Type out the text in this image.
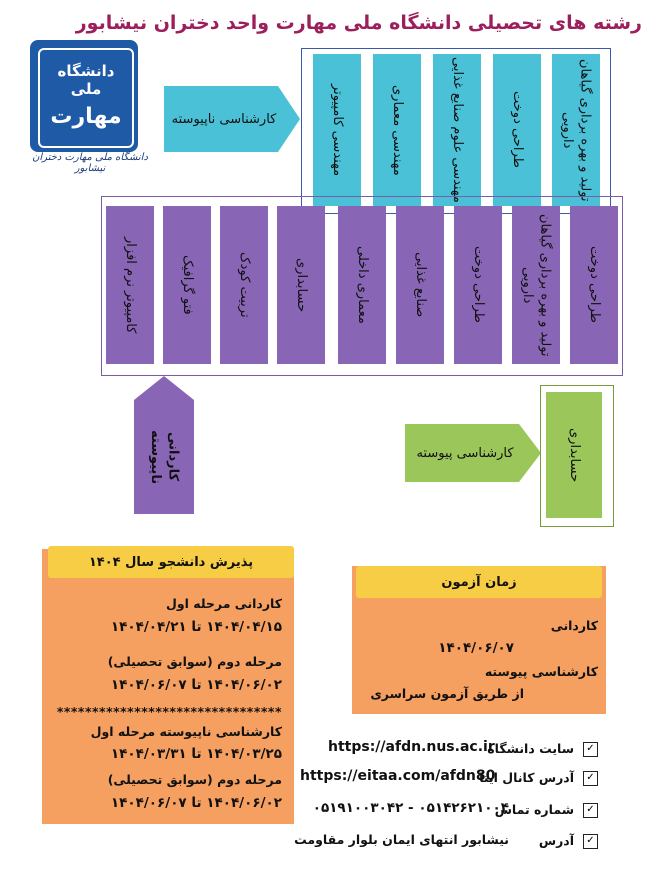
رشته های تحصیلی دانشگاه ملی مهارت واحد دختران نیشابور
دانشگاه ملی
مهارت
دانشگاه ملی مهارت دختران نیشابور
کارشناسی ناپیوسته	تولید و بهره برداری گیاهان دارویی
طراحی دوخت
مهندسی علوم صنایع غذایی
مهندسی معماری
مهندسی کامپیوتر
طراحی دوخت
تولید و بهره برداری گیاهان دارویی
طراحی دوخت
صنایع غذایی
معماری داخلی
حسابداری
تربیت کودک
فتو گرافیک
کامپیوتر نرم افزار
کاردانی ناپیوسته	کارشناسی پیوسته	حسابداری
پذیرش دانشجو سال ۱۴۰۴
کاردانی مرحله اول
۱۴۰۴/۰۴/۱۵ تا ۱۴۰۴/۰۴/۲۱
مرحله دوم (سوابق تحصیلی)
۱۴۰۴/۰۶/۰۲ تا ۱۴۰۴/۰۶/۰۷
********************************
کارشناسی ناپیوسته مرحله اول
۱۴۰۴/۰۳/۲۵ تا ۱۴۰۴/۰۳/۳۱
مرحله دوم (سوابق تحصیلی)
۱۴۰۴/۰۶/۰۲ تا ۱۴۰۴/۰۶/۰۷
زمان آزمون
کاردانی
۱۴۰۴/۰۶/۰۷
کارشناسی پیوسته
از طریق آزمون سراسری
✓
سایت دانشگاه
https://afdn.nus.ac.ir
✓
آدرس کانال ایتا
https://eitaa.com/afdn80
✓
شماره تماس
۰۵۱۴۲۶۲۱۰۰۴ - ۰۵۱۹۱۰۰۳۰۴۲
✓
آدرس
نیشابور انتهای ایمان بلوار مقاومت
